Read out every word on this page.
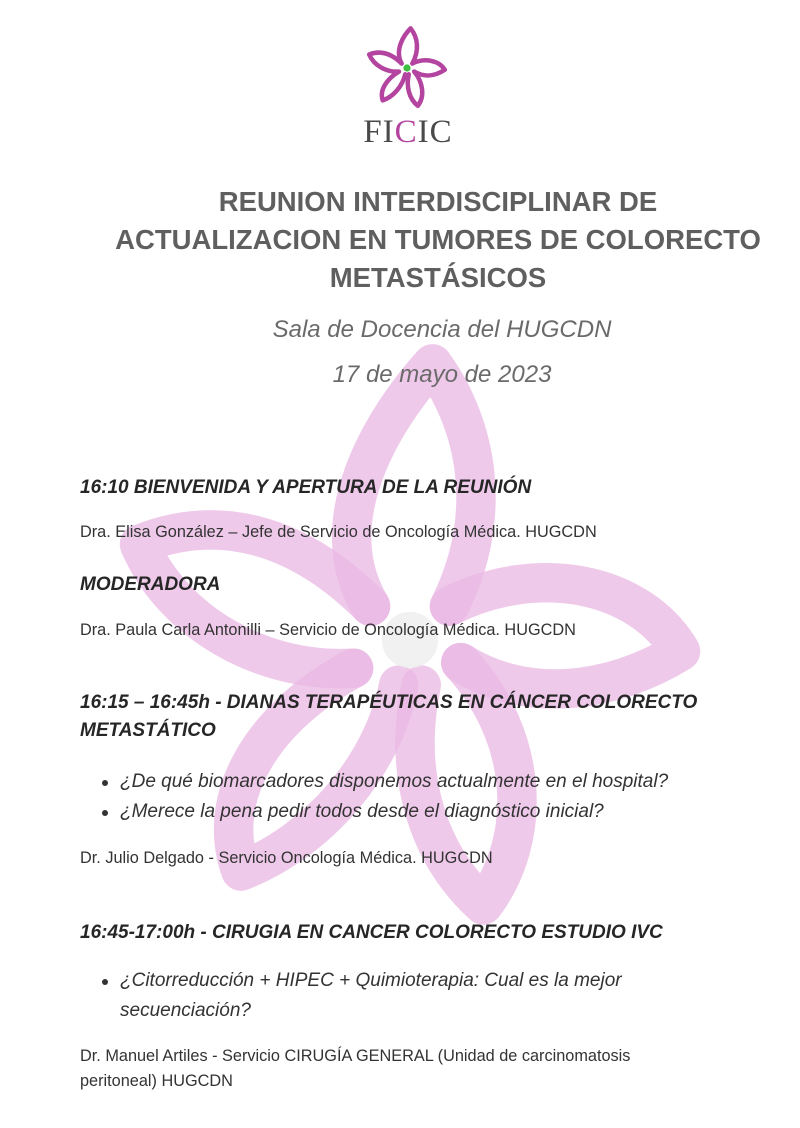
FICIC
REUNION INTERDISCIPLINAR DE
ACTUALIZACION EN TUMORES DE COLORECTO
METASTÁSICOS
Sala de Docencia del HUGCDN
17 de mayo de 2023
16:10 BIENVENIDA Y APERTURA DE LA REUNIÓN
Dra. Elisa González – Jefe de Servicio de Oncología Médica. HUGCDN
MODERADORA
Dra. Paula Carla Antonilli – Servicio de Oncología Médica. HUGCDN
16:15 – 16:45h - DIANAS TERAPÉUTICAS EN CÁNCER COLORECTO
METASTÁTICO
¿De qué biomarcadores disponemos actualmente en el hospital?
¿Merece la pena pedir todos desde el diagnóstico inicial?
Dr. Julio Delgado - Servicio Oncología Médica. HUGCDN
16:45-17:00h - CIRUGIA EN CANCER COLORECTO ESTUDIO IVC
¿Citorreducción + HIPEC + Quimioterapia: Cual es la mejor
secuenciación?
Dr. Manuel Artiles - Servicio CIRUGÍA GENERAL (Unidad de carcinomatosis
peritoneal) HUGCDN
